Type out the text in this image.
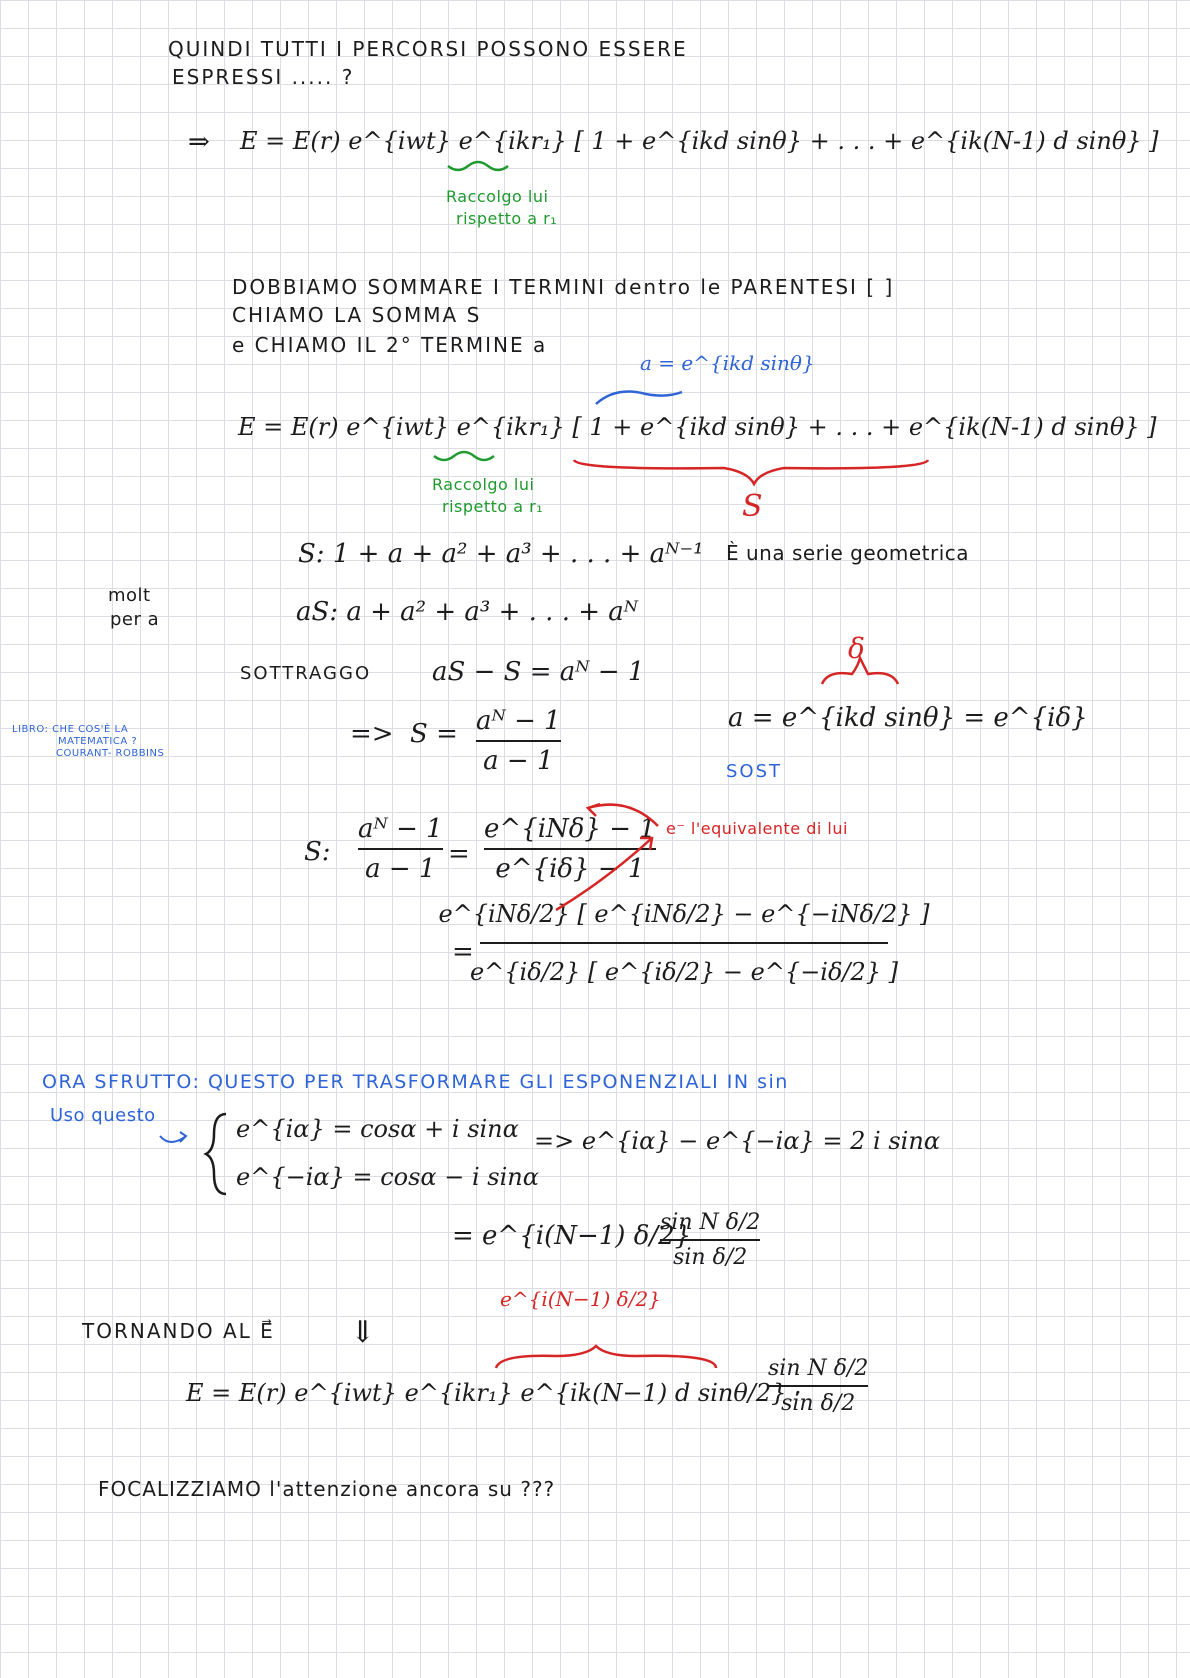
QUINDI TUTTI I PERCORSI POSSONO ESSERE
ESPRESSI ..... ?
⇒ E = E(r) e^{iwt} e^{ikr₁} [ 1 + e^{ikd sinθ} + . . . + e^{ik(N-1) d sinθ} ]
Raccolgo lui
rispetto a r₁
DOBBIAMO SOMMARE I TERMINI dentro le PARENTESI [ ]
CHIAMO LA SOMMA S
e CHIAMO IL 2° TERMINE a
a = e^{ikd sinθ}
E = E(r) e^{iwt} e^{ikr₁} [ 1 + e^{ikd sinθ} + . . . + e^{ik(N-1) d sinθ} ]
Raccolgo lui
rispetto a r₁	S
S: 1 + a + a² + a³ + . . . + aᴺ⁻¹ È una serie geometrica
molt
per a	aS: a + a² + a³ + . . . + aᴺ
SOTTRAGGO aS − S = aᴺ − 1
=> S = aᴺ − 1
a − 1
LIBRO: CHE COS'È LA
MATEMATICA ?
COURANT- ROBBINS
δ
a = e^{ikd sinθ} = e^{iδ}
SOST
S:
aᴺ − 1
a − 1 =
e^{iNδ} − 1
e^{iδ} − 1
e⁻ l'equivalente di lui
=
e^{iNδ/2} [ e^{iNδ/2} − e^{−iNδ/2} ]
e^{iδ/2} [ e^{iδ/2} − e^{−iδ/2} ]
ORA SFRUTTO: QUESTO PER TRASFORMARE GLI ESPONENZIALI IN sin
Uso questo	e^{iα} = cosα + i sinα
e^{−iα} = cosα − i sinα
=> e^{iα} − e^{−iα} = 2 i sinα
= e^{i(N−1) δ/2}
sin N δ/2
sin δ/2
e^{i(N−1) δ/2}
TORNANDO AL E⃗	⇓
E = E(r) e^{iwt} e^{ikr₁} e^{ik(N−1) d sinθ/2} ·
sin N δ/2
sin δ/2
FOCALIZZIAMO l'attenzione ancora su ???
